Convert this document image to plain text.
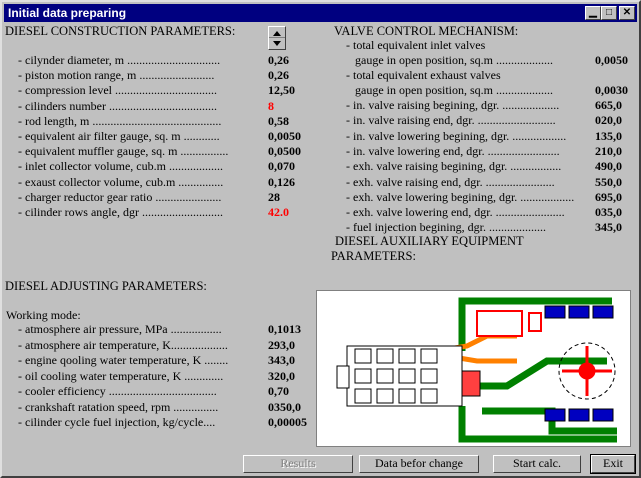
Initial data preparing	▁ □	✕
DIESEL CONSTRUCTION PARAMETERS:
- cilynder diameter, m ...............................	0,26
- piston motion range, m .........................	0,26
- compression level ..................................	12,50
- cilinders number ....................................	8
- rod length, m ...........................................	0,58
- equivalent air filter gauge, sq. m ............	0,0050
- equivalent muffler gauge, sq. m ................	0,0500
- inlet collector volume, cub.m ..................	0,070
- exaust collector volume, cub.m ...............	0,126
- charger reductor gear ratio ......................	28
- cilinder rows angle, dgr ...........................	42.0
VALVE CONTROL MECHANISM:
- total equivalent inlet valves
gauge in open position, sq.m ...................	0,0050
- total equivalent exhaust valves
gauge in open position, sq.m ...................	0,0030
- in. valve raising begining, dgr. ...................	665,0
- in. valve raising end, dgr. ..........................	020,0
- in. valve lowering begining, dgr. .................. 135,0
- in. valve lowering end, dgr. ........................	210,0
- exh. valve raising begining, dgr. .................	490,0
- exh. valve raising end, dgr. .......................	550,0
- exh. valve lowering begining, dgr. .................. 695,0
- exh. valve lowering end, dgr. .......................	035,0
- fuel injection begining, dgr. ...................	345,0
DIESEL AUXILIARY EQUIPMENT
PARAMETERS:
DIESEL ADJUSTING PARAMETERS:
Working mode:
- atmosphere air pressure, MPa .................	0,1013
- atmosphere air temperature, K...................	293,0
- engine qooling water temperature, K ........	343,0
- oil cooling water temperature, K .............	320,0
- cooler efficiency ....................................	0,70
- crankshaft ratation speed, rpm ...............	0350,0
- cilinder cycle fuel injection, kg/cycle....	0,00005
Results	Data befor change	Start calc.	Exit
